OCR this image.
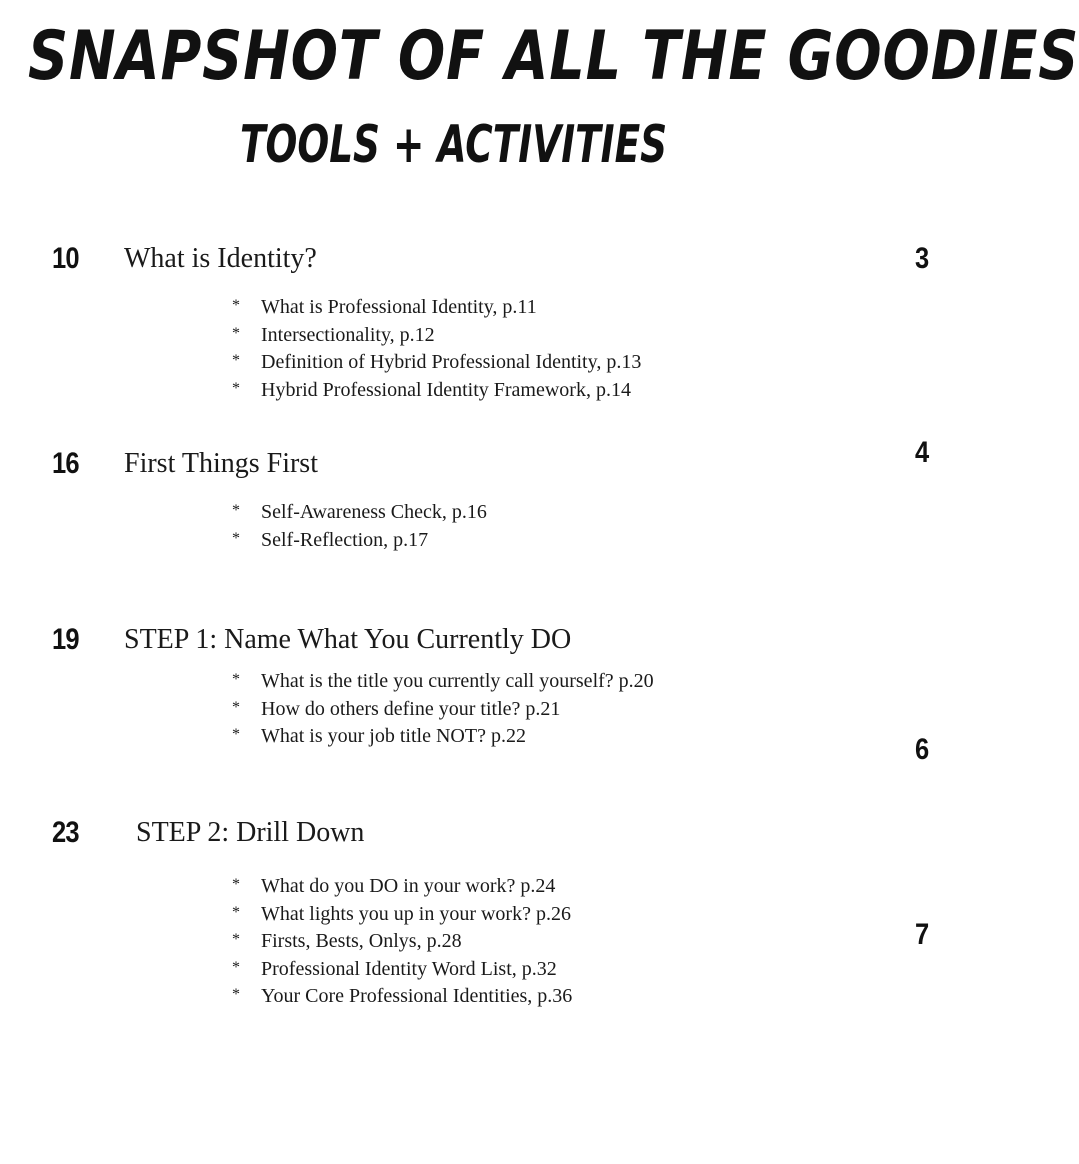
SNAPSHOT OF ALL THE GOODIES
TOOLS + ACTIVITIES
10 What is Identity?
* What is Professional Identity, p.11
* Intersectionality, p.12
* Definition of Hybrid Professional Identity, p.13
* Hybrid Professional Identity Framework, p.14
16 First Things First
* Self-Awareness Check, p.16
* Self-Reflection, p.17
19 STEP 1: Name What You Currently DO
* What is the title you currently call yourself? p.20
* How do others define your title? p.21
* What is your job title NOT? p.22
23 STEP 2: Drill Down
* What do you DO in your work? p.24
* What lights you up in your work? p.26
* Firsts, Bests, Onlys, p.28
* Professional Identity Word List, p.32
* Your Core Professional Identities, p.36
3
4
6
7
